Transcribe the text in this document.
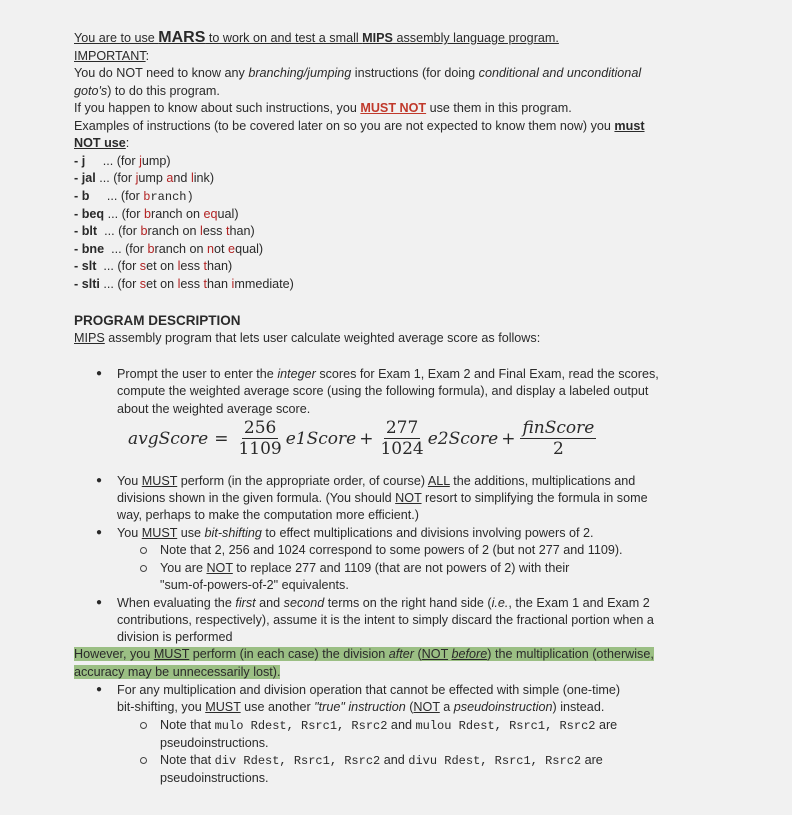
You are to use MARS to work on and test a small MIPS assembly language program.
IMPORTANT:
You do NOT need to know any branching/jumping instructions (for doing conditional and unconditional
goto's) to do this program.
If you happen to know about such instructions, you MUST NOT use them in this program.
Examples of instructions (to be covered later on so you are not expected to know them now) you must
NOT use:
- j     ... (for jump)
- jal ... (for jump and link)
- b     ... (for branch)
- beq ... (for branch on equal)
- blt  ... (for branch on less than)
- bne  ... (for branch on not equal)
- slt  ... (for set on less than)
- slti ... (for set on less than immediate)
PROGRAM DESCRIPTION
MIPS assembly program that lets user calculate weighted average score as follows:
● Prompt the user to enter the integer scores for Exam 1, Exam 2 and Final Exam, read the scores,
compute the weighted average score (using the following formula), and display a labeled output
about the weighted average score.
avgScore = $\frac{256}{1109}$ e1Score + $\frac{277}{1024}$ e2Score + $\frac{\text{finScore}}{2}$
● You MUST perform (in the appropriate order, of course) ALL the additions, multiplications and
divisions shown in the given formula. (You should NOT resort to simplifying the formula in some
way, perhaps to make the computation more efficient.)
● You MUST use bit-shifting to effect multiplications and divisions involving powers of 2.
Note that 2, 256 and 1024 correspond to some powers of 2 (but not 277 and 1109).
You are NOT to replace 277 and 1109 (that are not powers of 2) with their
"sum-of-powers-of-2" equivalents.
● When evaluating the first and second terms on the right hand side (i.e., the Exam 1 and Exam 2
contributions, respectively), assume it is the intent to simply discard the fractional portion when a
division is performed
However, you MUST perform (in each case) the division after (NOT before) the multiplication (otherwise,
accuracy may be unnecessarily lost).
● For any multiplication and division operation that cannot be effected with simple (one-time)
bit-shifting, you MUST use another "true" instruction (NOT a pseudoinstruction) instead.
Note that mulo Rdest, Rsrc1, Rsrc2 and mulou Rdest, Rsrc1, Rsrc2 are
pseudoinstructions.
Note that div Rdest, Rsrc1, Rsrc2 and divu Rdest, Rsrc1, Rsrc2 are
pseudoinstructions.
